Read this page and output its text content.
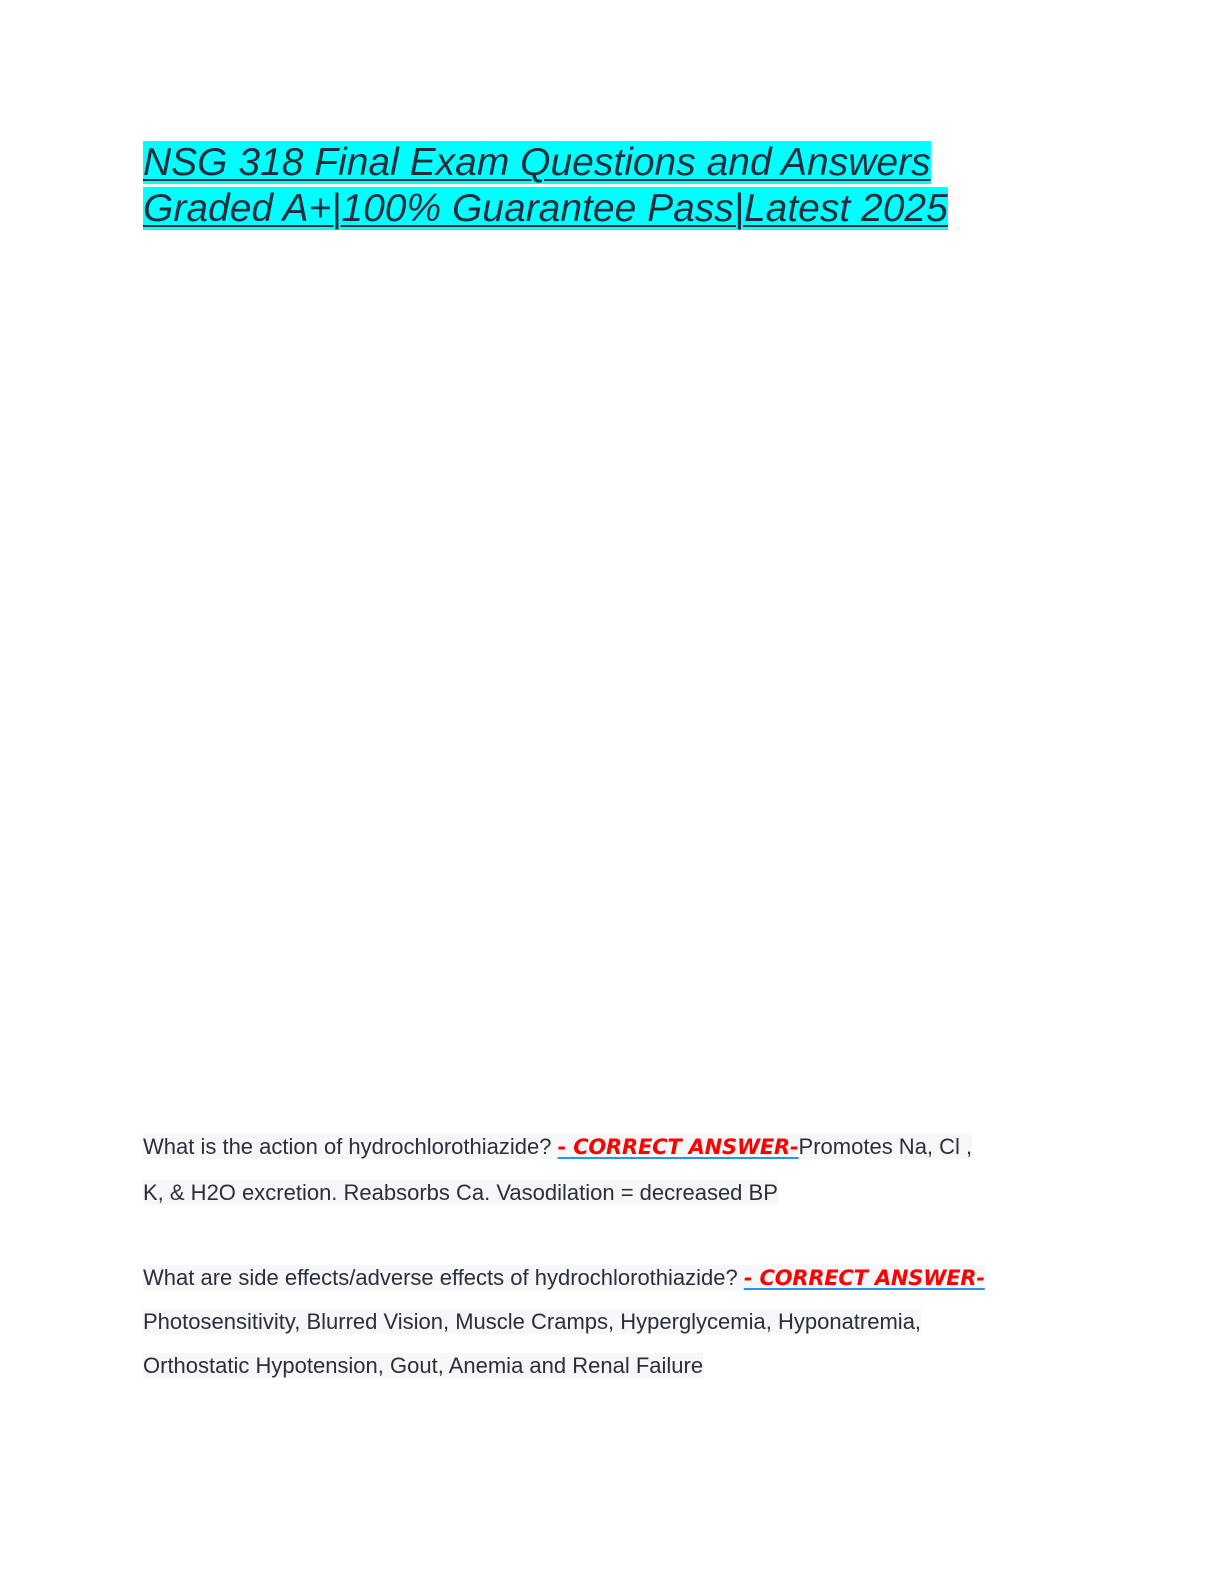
NSG 318 Final Exam Questions and Answers
Graded A+|100% Guarantee Pass|Latest 2025
What is the action of hydrochlorothiazide? - CORRECT ANSWER-Promotes Na, Cl ,
K, & H2O excretion. Reabsorbs Ca. Vasodilation = decreased BP
What are side effects/adverse effects of hydrochlorothiazide? - CORRECT ANSWER-
Photosensitivity, Blurred Vision, Muscle Cramps, Hyperglycemia, Hyponatremia,
Orthostatic Hypotension, Gout, Anemia and Renal Failure
